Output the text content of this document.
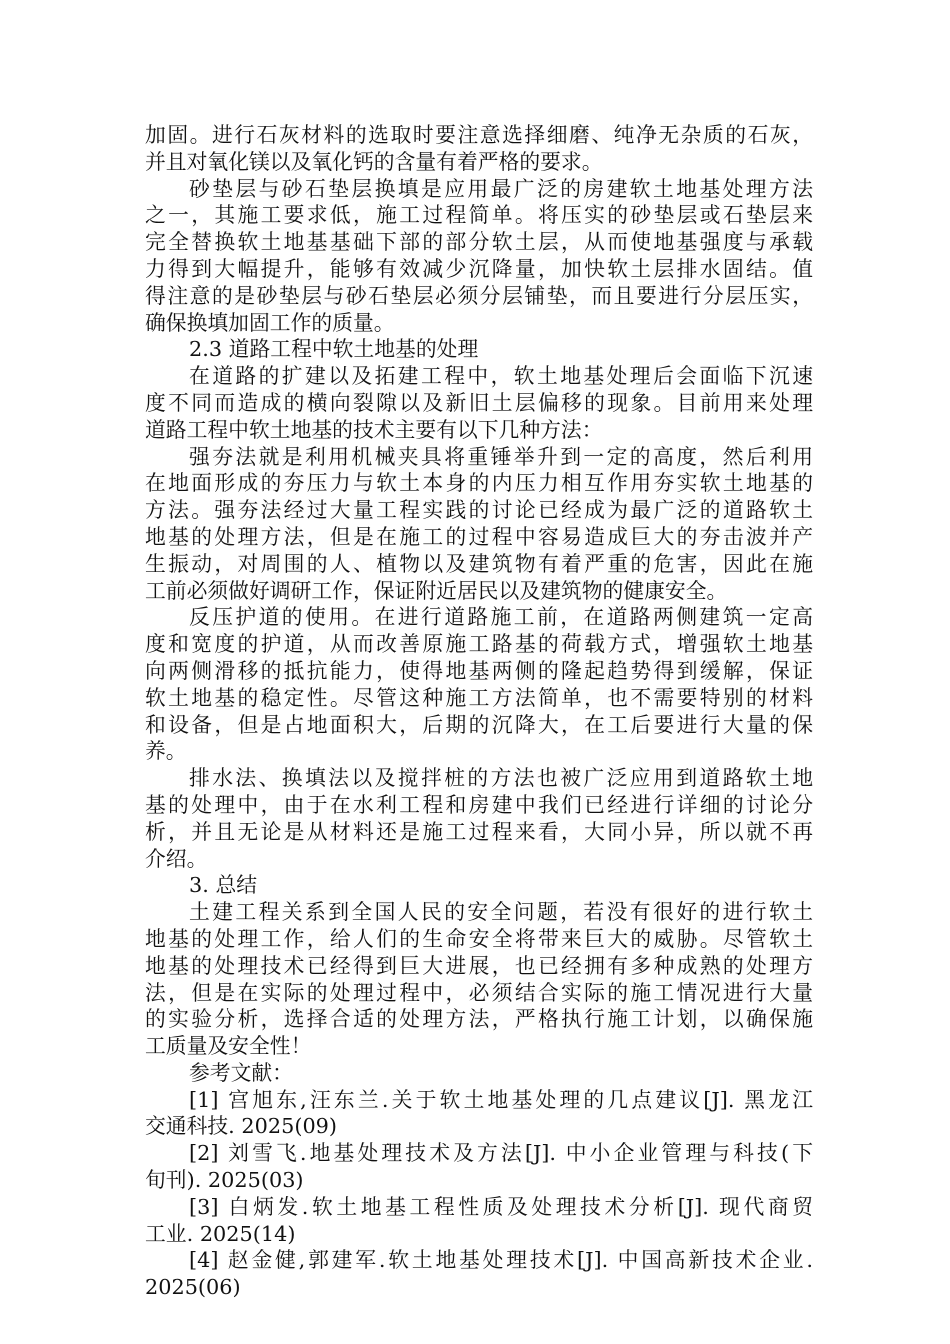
加固。进行石灰材料的选取时要注意选择细磨、纯净无杂质的石灰，
并且对氧化镁以及氧化钙的含量有着严格的要求。
砂垫层与砂石垫层换填是应用最广泛的房建软土地基处理方法
之一，其施工要求低，施工过程简单。将压实的砂垫层或石垫层来
完全替换软土地基基础下部的部分软土层，从而使地基强度与承载
力得到大幅提升，能够有效减少沉降量，加快软土层排水固结。值
得注意的是砂垫层与砂石垫层必须分层铺垫，而且要进行分层压实，
确保换填加固工作的质量。
2.3 道路工程中软土地基的处理
在道路的扩建以及拓建工程中，软土地基处理后会面临下沉速
度不同而造成的横向裂隙以及新旧土层偏移的现象。目前用来处理
道路工程中软土地基的技术主要有以下几种方法：
强夯法就是利用机械夹具将重锤举升到一定的高度，然后利用
在地面形成的夯压力与软土本身的内压力相互作用夯实软土地基的
方法。强夯法经过大量工程实践的讨论已经成为最广泛的道路软土
地基的处理方法，但是在施工的过程中容易造成巨大的夯击波并产
生振动，对周围的人、植物以及建筑物有着严重的危害，因此在施
工前必须做好调研工作，保证附近居民以及建筑物的健康安全。
反压护道的使用。在进行道路施工前，在道路两侧建筑一定高
度和宽度的护道，从而改善原施工路基的荷载方式，增强软土地基
向两侧滑移的抵抗能力，使得地基两侧的隆起趋势得到缓解，保证
软土地基的稳定性。尽管这种施工方法简单，也不需要特别的材料
和设备，但是占地面积大，后期的沉降大，在工后要进行大量的保
养。
排水法、换填法以及搅拌桩的方法也被广泛应用到道路软土地
基的处理中，由于在水利工程和房建中我们已经进行详细的讨论分
析，并且无论是从材料还是施工过程来看，大同小异，所以就不再
介绍。
3. 总结
土建工程关系到全国人民的安全问题，若没有很好的进行软土
地基的处理工作，给人们的生命安全将带来巨大的威胁。尽管软土
地基的处理技术已经得到巨大进展，也已经拥有多种成熟的处理方
法，但是在实际的处理过程中，必须结合实际的施工情况进行大量
的实验分析，选择合适的处理方法，严格执行施工计划，以确保施
工质量及安全性！
参考文献：
[1] 宫旭东,汪东兰.关于软土地基处理的几点建议[J]. 黑龙江
交通科技. 2025(09)
[2] 刘雪飞.地基处理技术及方法[J]. 中小企业管理与科技(下
旬刊). 2025(03)
[3] 白炳发.软土地基工程性质及处理技术分析[J]. 现代商贸
工业. 2025(14)
[4] 赵金健,郭建军.软土地基处理技术[J]. 中国高新技术企业.
2025(06)
